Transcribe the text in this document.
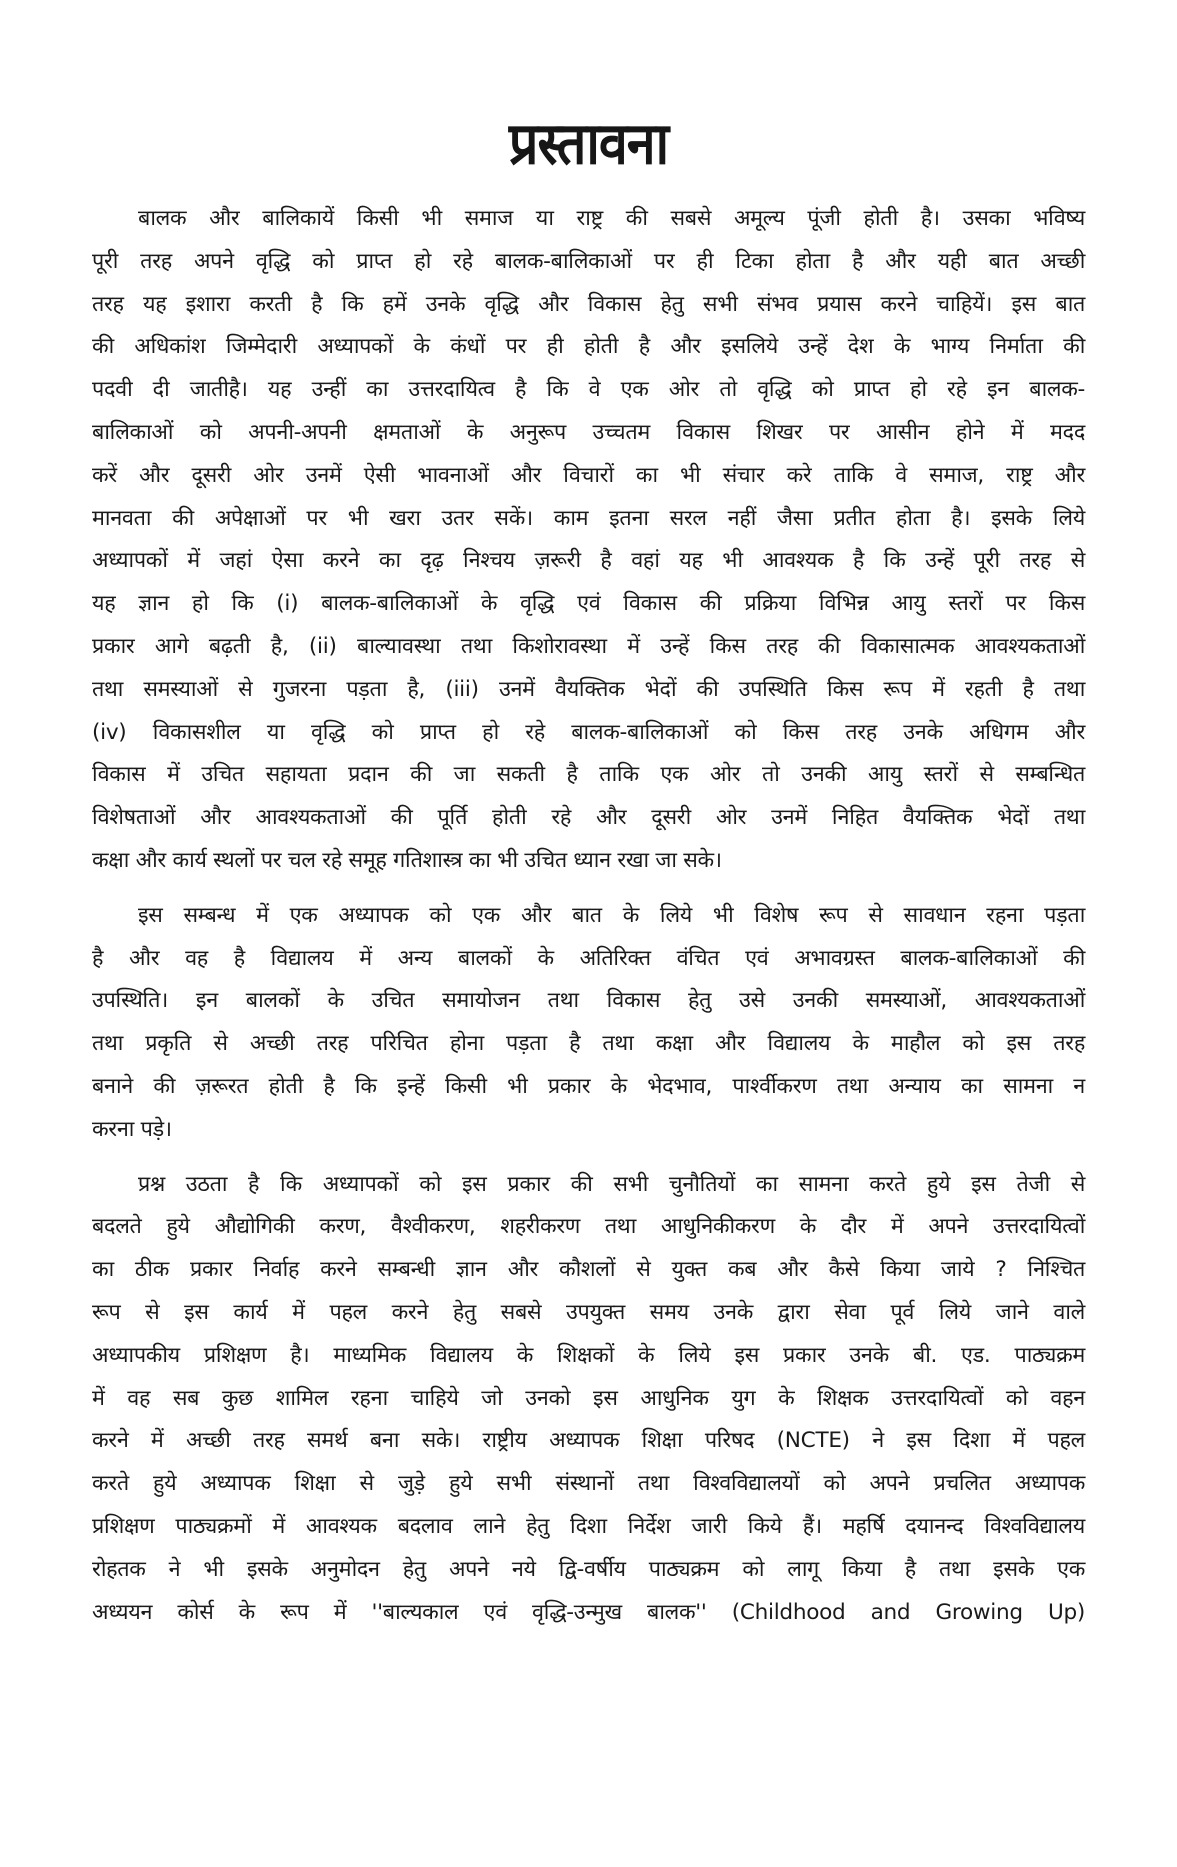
प्रस्तावना

बालक और बालिकायें किसी भी समाज या राष्ट्र की सबसे अमूल्य पूंजी होती है। उसका भविष्य
पूरी तरह अपने वृद्धि को प्राप्त हो रहे बालक-बालिकाओं पर ही टिका होता है और यही बात अच्छी
तरह यह इशारा करती है कि हमें उनके वृद्धि और विकास हेतु सभी संभव प्रयास करने चाहियें। इस बात
की अधिकांश जिम्मेदारी अध्यापकों के कंधों पर ही होती है और इसलिये उन्हें देश के भाग्य निर्माता की
पदवी दी जातीहै। यह उन्हीं का उत्तरदायित्व है कि वे एक ओर तो वृद्धि को प्राप्त हो रहे इन बालक-
बालिकाओं को अपनी-अपनी क्षमताओं के अनुरूप उच्चतम विकास शिखर पर आसीन होने में मदद
करें और दूसरी ओर उनमें ऐसी भावनाओं और विचारों का भी संचार करे ताकि वे समाज, राष्ट्र और
मानवता की अपेक्षाओं पर भी खरा उतर सकें। काम इतना सरल नहीं जैसा प्रतीत होता है। इसके लिये
अध्यापकों में जहां ऐसा करने का दृढ़ निश्चय ज़रूरी है वहां यह भी आवश्यक है कि उन्हें पूरी तरह से
यह ज्ञान हो कि (i) बालक-बालिकाओं के वृद्धि एवं विकास की प्रक्रिया विभिन्न आयु स्तरों पर किस
प्रकार आगे बढ़ती है, (ii) बाल्यावस्था तथा किशोरावस्था में उन्हें किस तरह की विकासात्मक आवश्यकताओं
तथा समस्याओं से गुजरना पड़ता है, (iii) उनमें वैयक्तिक भेदों की उपस्थिति किस रूप में रहती है तथा
(iv) विकासशील या वृद्धि को प्राप्त हो रहे बालक-बालिकाओं को किस तरह उनके अधिगम और
विकास में उचित सहायता प्रदान की जा सकती है ताकि एक ओर तो उनकी आयु स्तरों से सम्बन्धित
विशेषताओं और आवश्यकताओं की पूर्ति होती रहे और दूसरी ओर उनमें निहित वैयक्तिक भेदों तथा
कक्षा और कार्य स्थलों पर चल रहे समूह गतिशास्त्र का भी उचित ध्यान रखा जा सके।

इस सम्बन्ध में एक अध्यापक को एक और बात के लिये भी विशेष रूप से सावधान रहना पड़ता
है और वह है विद्यालय में अन्य बालकों के अतिरिक्त वंचित एवं अभावग्रस्त बालक-बालिकाओं की
उपस्थिति। इन बालकों के उचित समायोजन तथा विकास हेतु उसे उनकी समस्याओं, आवश्यकताओं
तथा प्रकृति से अच्छी तरह परिचित होना पड़ता है तथा कक्षा और विद्यालय के माहौल को इस तरह
बनाने की ज़रूरत होती है कि इन्हें किसी भी प्रकार के भेदभाव, पार्श्वीकरण तथा अन्याय का सामना न
करना पड़े।

प्रश्न उठता है कि अध्यापकों को इस प्रकार की सभी चुनौतियों का सामना करते हुये इस तेजी से
बदलते हुये औद्योगिकी करण, वैश्वीकरण, शहरीकरण तथा आधुनिकीकरण के दौर में अपने उत्तरदायित्वों
का ठीक प्रकार निर्वाह करने सम्बन्धी ज्ञान और कौशलों से युक्त कब और कैसे किया जाये ? निश्चित
रूप से इस कार्य में पहल करने हेतु सबसे उपयुक्त समय उनके द्वारा सेवा पूर्व लिये जाने वाले
अध्यापकीय प्रशिक्षण है। माध्यमिक विद्यालय के शिक्षकों के लिये इस प्रकार उनके बी. एड. पाठ्यक्रम
में वह सब कुछ शामिल रहना चाहिये जो उनको इस आधुनिक युग के शिक्षक उत्तरदायित्वों को वहन
करने में अच्छी तरह समर्थ बना सके। राष्ट्रीय अध्यापक शिक्षा परिषद (NCTE) ने इस दिशा में पहल
करते हुये अध्यापक शिक्षा से जुड़े हुये सभी संस्थानों तथा विश्वविद्यालयों को अपने प्रचलित अध्यापक
प्रशिक्षण पाठ्यक्रमों में आवश्यक बदलाव लाने हेतु दिशा निर्देश जारी किये हैं। महर्षि दयानन्द विश्वविद्यालय
रोहतक ने भी इसके अनुमोदन हेतु अपने नये द्वि-वर्षीय पाठ्यक्रम को लागू किया है तथा इसके एक
अध्ययन कोर्स के रूप में ''बाल्यकाल एवं वृद्धि-उन्मुख बालक'' (Childhood and Growing Up)
